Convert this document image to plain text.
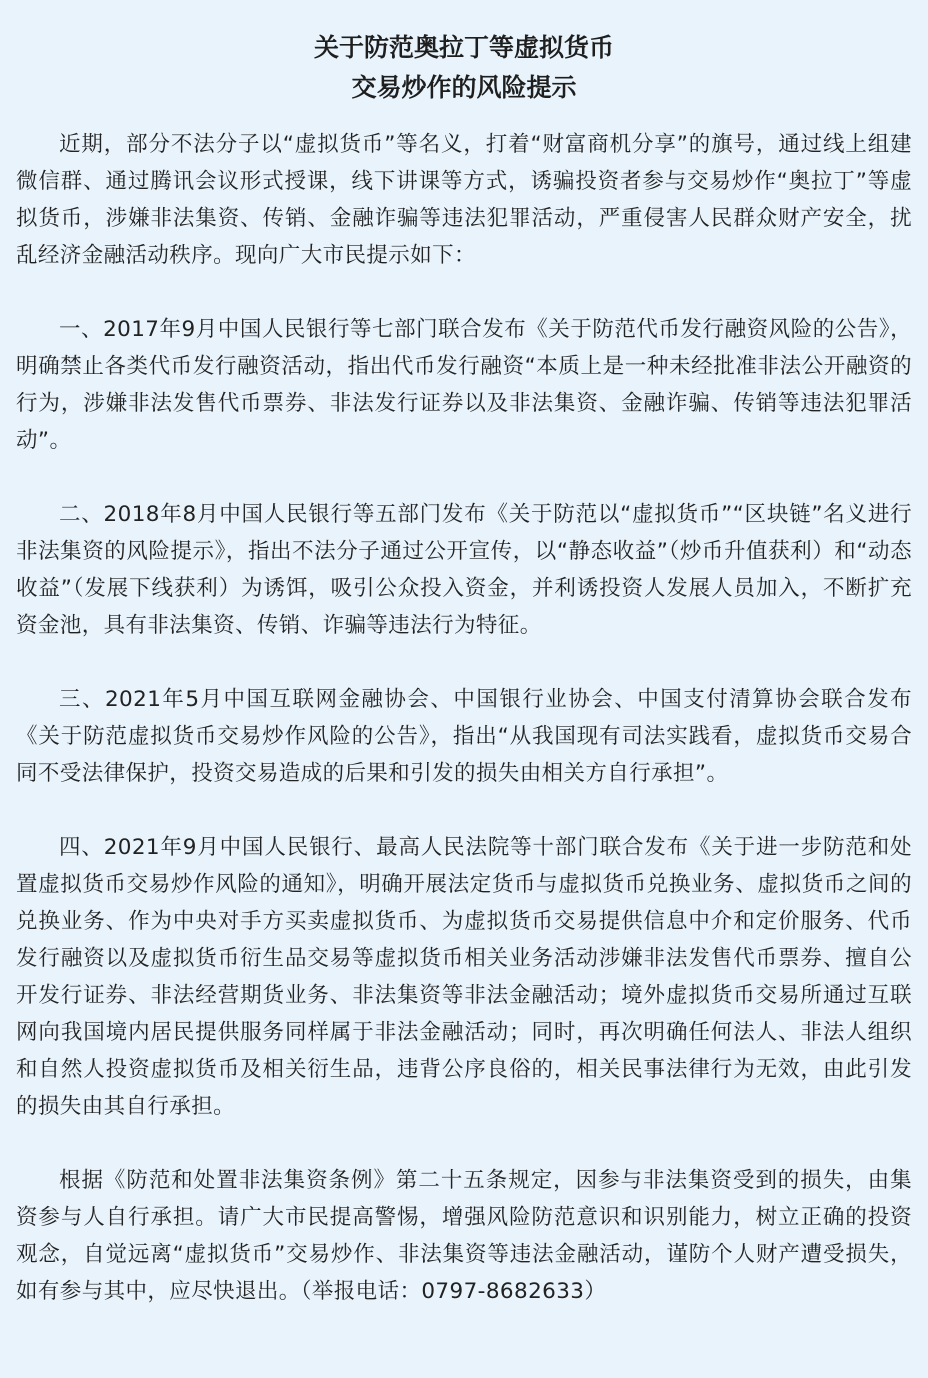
关于防范奥拉丁等虚拟货币
交易炒作的风险提示

近期，部分不法分子以“虚拟货币”等名义，打着“财富商机分享”的旗号，通过线上组建微信群、通过腾讯会议形式授课，线下讲课等方式，诱骗投资者参与交易炒作“奥拉丁”等虚拟货币，涉嫌非法集资、传销、金融诈骗等违法犯罪活动，严重侵害人民群众财产安全，扰乱经济金融活动秩序。现向广大市民提示如下：

一、2017年9月中国人民银行等七部门联合发布《关于防范代币发行融资风险的公告》，明确禁止各类代币发行融资活动，指出代币发行融资“本质上是一种未经批准非法公开融资的行为，涉嫌非法发售代币票券、非法发行证券以及非法集资、金融诈骗、传销等违法犯罪活动”。

二、2018年8月中国人民银行等五部门发布《关于防范以“虚拟货币”“区块链”名义进行非法集资的风险提示》，指出不法分子通过公开宣传，以“静态收益”（炒币升值获利）和“动态收益”（发展下线获利）为诱饵，吸引公众投入资金，并利诱投资人发展人员加入，不断扩充资金池，具有非法集资、传销、诈骗等违法行为特征。

三、2021年5月中国互联网金融协会、中国银行业协会、中国支付清算协会联合发布《关于防范虚拟货币交易炒作风险的公告》，指出“从我国现有司法实践看，虚拟货币交易合同不受法律保护，投资交易造成的后果和引发的损失由相关方自行承担”。

四、2021年9月中国人民银行、最高人民法院等十部门联合发布《关于进一步防范和处置虚拟货币交易炒作风险的通知》，明确开展法定货币与虚拟货币兑换业务、虚拟货币之间的兑换业务、作为中央对手方买卖虚拟货币、为虚拟货币交易提供信息中介和定价服务、代币发行融资以及虚拟货币衍生品交易等虚拟货币相关业务活动涉嫌非法发售代币票券、擅自公开发行证券、非法经营期货业务、非法集资等非法金融活动；境外虚拟货币交易所通过互联网向我国境内居民提供服务同样属于非法金融活动；同时，再次明确任何法人、非法人组织和自然人投资虚拟货币及相关衍生品，违背公序良俗的，相关民事法律行为无效，由此引发的损失由其自行承担。

根据《防范和处置非法集资条例》第二十五条规定，因参与非法集资受到的损失，由集资参与人自行承担。请广大市民提高警惕，增强风险防范意识和识别能力，树立正确的投资观念，自觉远离“虚拟货币”交易炒作、非法集资等违法金融活动，谨防个人财产遭受损失，如有参与其中，应尽快退出。（举报电话：0797-8682633）
